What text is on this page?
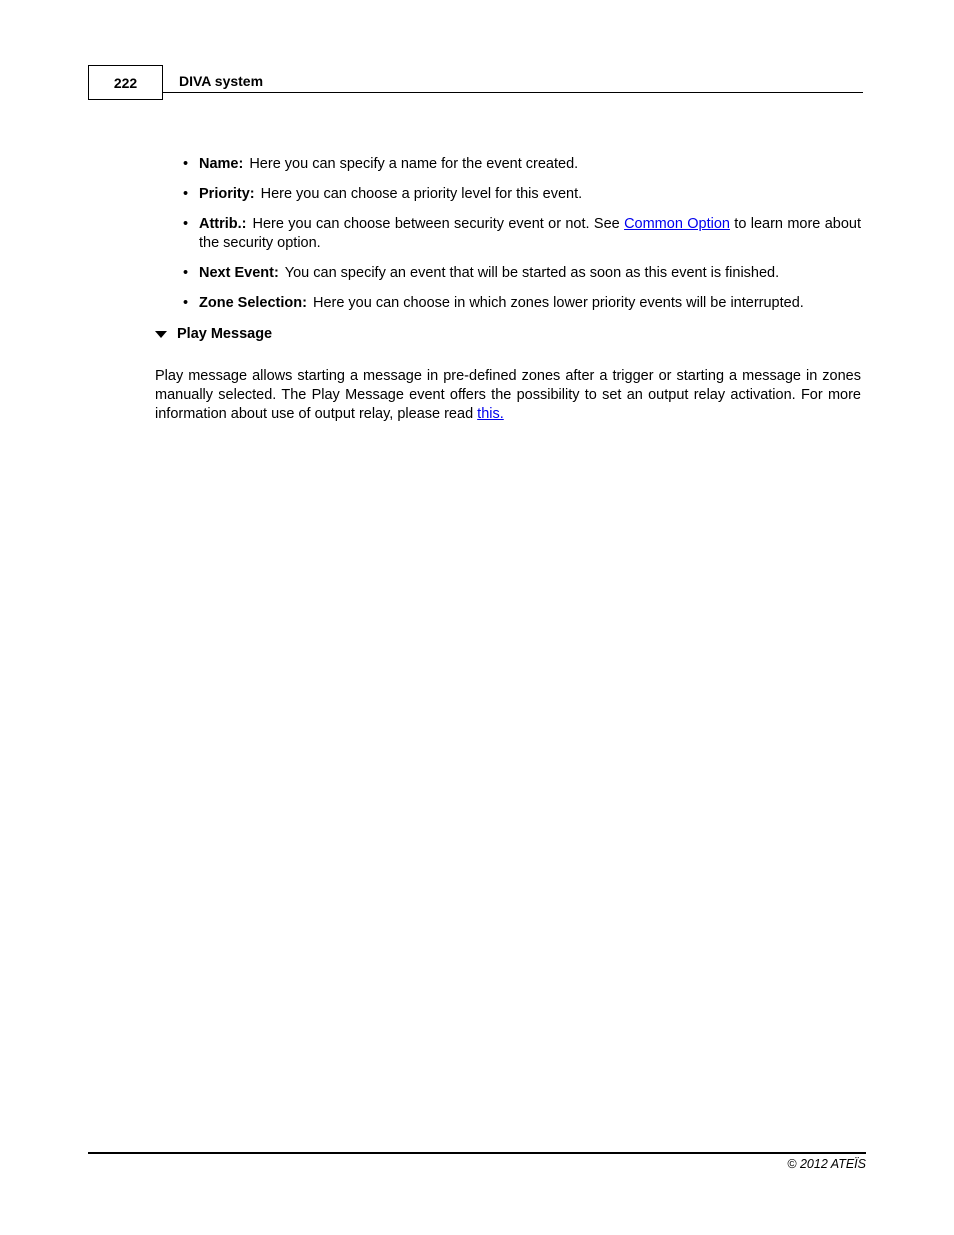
222	DIVA system
• Name: Here you can specify a name for the event created.
• Priority: Here you can choose a priority level for this event.
• Attrib.: Here you can choose between security event or not. See Common Option to learn more about the security option.
• Next Event: You can specify an event that will be started as soon as this event is finished.
• Zone Selection: Here you can choose in which zones lower priority events will be interrupted.
Play Message

Play message allows starting a message in pre-defined zones after a trigger or starting a message in zones manually selected. The Play Message event offers the possibility to set an output relay activation. For more information about use of output relay, please read this.

© 2012 ATEÏS
